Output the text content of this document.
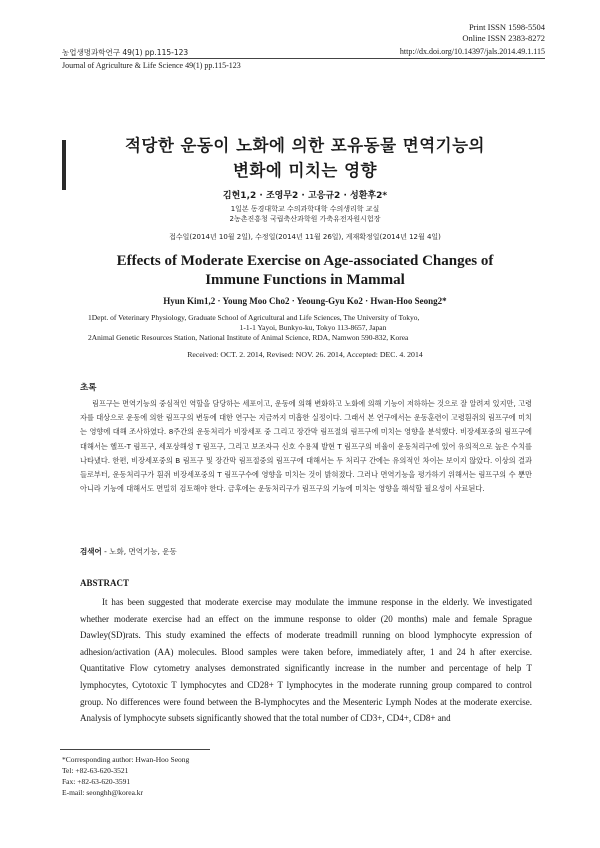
Print ISSN 1598-5504
Online ISSN 2383-8272
농업생명과학연구 49(1) pp.115-123	http://dx.doi.org/10.14397/jals.2014.49.1.115
Journal of Agriculture & Life Science 49(1) pp.115-123
적당한 운동이 노화에 의한 포유동물 면역기능의
변화에 미치는 영향
김현1,2 · 조영무2 · 고응규2 · 성환후2*
1일본 동경대학교 수의과학대학 수의생리학 교실
2농촌진흥청 국립축산과학원 가축유전자원시험장
접수일(2014년 10월 2일), 수정일(2014년 11월 26일), 게재확정일(2014년 12월 4일)
Effects of Moderate Exercise on Age-associated Changes of
Immune Functions in Mammal
Hyun Kim1,2 · Young Moo Cho2 · Yeoung-Gyu Ko2 · Hwan-Hoo Seong2*
1Dept. of Veterinary Physiology, Graduate School of Agricultural and Life Sciences, The University of Tokyo,
1-1-1 Yayoi, Bunkyo-ku, Tokyo 113-8657, Japan
2Animal Genetic Resources Station, National Institute of Animal Science, RDA, Namwon 590-832, Korea
Received: OCT. 2. 2014, Revised: NOV. 26. 2014, Accepted: DEC. 4. 2014
초록
림프구는 면역기능의 중심적인 역할을 담당하는 세포이고, 운동에 의해 변화하고 노화에 의해 기능이 저하하는 것으로 잘 알려져 있지만, 고령자를 대상으로 운동에 의한 림프구의 변동에 대한 연구는 지금까지 미흡한 실정이다. 그래서 본 연구에서는 운동훈련이 고령흰쥐의 림프구에 미치는 영향에 대해 조사하였다. 8주간의 운동처리가 비장세포 중 그리고 장간막 림프절의 림프구에 미치는 영향을 분석했다. 비장세포중의 림프구에 대해서는 헬프-T 림프구, 세포상해성 T 림프구, 그리고 보조자극 신호 수용체 발현 T 림프구의 비율이 운동처리구에 있어 유의적으로 높은 수치를 나타냈다. 한편, 비장세포중의 B 림프구 및 장간막 림프절중의 림프구에 대해서는 두 처리구 간에는 유의적인 차이는 보이지 않았다. 이상의 결과들로부터, 운동처리구가 흰쥐 비장세포중의 T 림프구수에 영향을 미치는 것이 밝혀졌다. 그러나 면역기능을 평가하기 위해서는 림프구의 수 뿐만 아니라 기능에 대해서도 면밀히 검토해야 한다. 금후에는 운동처리구가 림프구의 기능에 미치는 영향을 해석할 필요성이 사료된다.
검색어 - 노화, 면역기능, 운동
ABSTRACT
It has been suggested that moderate exercise may modulate the immune response in the elderly. We investigated whether moderate exercise had an effect on the immune response to older (20 months) male and female Sprague Dawley(SD)rats. This study examined the effects of moderate treadmill running on blood lymphocyte expression of adhesion/activation (AA) molecules. Blood samples were taken before, immediately after, 1 and 24 h after exercise. Quantitative Flow cytometry analyses demonstrated significantly increase in the number and percentage of help T lymphocytes, Cytotoxic T lymphocytes and CD28+ T lymphocytes in the moderate running group compared to control group. No differences were found between the B-lymphocytes and the Mesenteric Lymph Nodes at the moderate exercise. Analysis of lymphocyte subsets significantly showed that the total number of CD3+, CD4+, CD8+ and
*Corresponding author: Hwan-Hoo Seong
Tel: +82-63-620-3521
Fax: +82-63-620-3591
E-mail: seonghh@korea.kr
